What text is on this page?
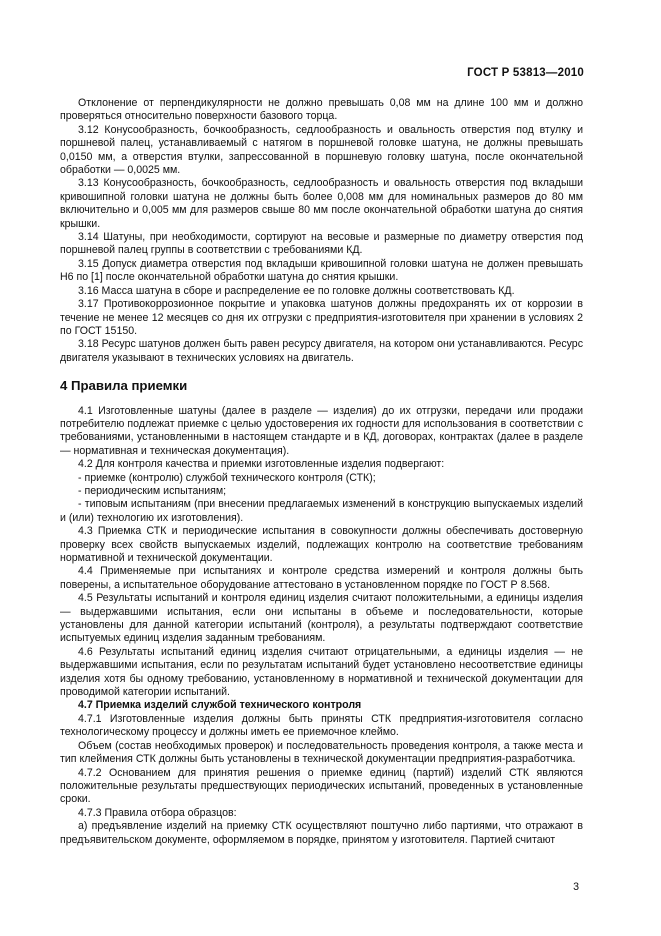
ГОСТ Р 53813—2010

Отклонение от перпендикулярности не должно превышать 0,08 мм на длине 100 мм и должно проверяться относительно поверхности базового торца.

3.12 Конусообразность, бочкообразность, седлообразность и овальность отверстия под втулку и поршневой палец, устанавливаемый с натягом в поршневой головке шатуна, не должны превышать 0,0150 мм, а отверстия втулки, запрессованной в поршневую головку шатуна, после окончательной обработки — 0,0025 мм.

3.13 Конусообразность, бочкообразность, седлообразность и овальность отверстия под вкладыши кривошипной головки шатуна не должны быть более 0,008 мм для номинальных размеров до 80 мм включительно и 0,005 мм для размеров свыше 80 мм после окончательной обработки шатуна до снятия крышки.

3.14 Шатуны, при необходимости, сортируют на весовые и размерные по диаметру отверстия под поршневой палец группы в соответствии с требованиями КД.

3.15 Допуск диаметра отверстия под вкладыши кривошипной головки шатуна не должен превышать Н6 по [1] после окончательной обработки шатуна до снятия крышки.

3.16 Масса шатуна в сборе и распределение ее по головке должны соответствовать КД.

3.17 Противокоррозионное покрытие и упаковка шатунов должны предохранять их от коррозии в течение не менее 12 месяцев со дня их отгрузки с предприятия-изготовителя при хранении в условиях 2 по ГОСТ 15150.

3.18 Ресурс шатунов должен быть равен ресурсу двигателя, на котором они устанавливаются. Ресурс двигателя указывают в технических условиях на двигатель.

4 Правила приемки

4.1 Изготовленные шатуны (далее в разделе — изделия) до их отгрузки, передачи или продажи потребителю подлежат приемке с целью удостоверения их годности для использования в соответствии с требованиями, установленными в настоящем стандарте и в КД, договорах, контрактах (далее в разделе — нормативная и техническая документация).

4.2 Для контроля качества и приемки изготовленные изделия подвергают:

- приемке (контролю) службой технического контроля (СТК);

- периодическим испытаниям;

- типовым испытаниям (при внесении предлагаемых изменений в конструкцию выпускаемых изделий и (или) технологию их изготовления).

4.3 Приемка СТК и периодические испытания в совокупности должны обеспечивать достоверную проверку всех свойств выпускаемых изделий, подлежащих контролю на соответствие требованиям нормативной и технической документации.

4.4 Применяемые при испытаниях и контроле средства измерений и контроля должны быть поверены, а испытательное оборудование аттестовано в установленном порядке по ГОСТ Р 8.568.

4.5 Результаты испытаний и контроля единиц изделия считают положительными, а единицы изделия — выдержавшими испытания, если они испытаны в объеме и последовательности, которые установлены для данной категории испытаний (контроля), а результаты подтверждают соответствие испытуемых единиц изделия заданным требованиям.

4.6 Результаты испытаний единиц изделия считают отрицательными, а единицы изделия — не выдержавшими испытания, если по результатам испытаний будет установлено несоответствие единицы изделия хотя бы одному требованию, установленному в нормативной и технической документации для проводимой категории испытаний.

4.7 Приемка изделий службой технического контроля

4.7.1 Изготовленные изделия должны быть приняты СТК предприятия-изготовителя согласно технологическому процессу и должны иметь ее приемочное клеймо.

Объем (состав необходимых проверок) и последовательность проведения контроля, а также места и тип клеймения СТК должны быть установлены в технической документации предприятия-разработчика.

4.7.2 Основанием для принятия решения о приемке единиц (партий) изделий СТК являются положительные результаты предшествующих периодических испытаний, проведенных в установленные сроки.

4.7.3 Правила отбора образцов:

а) предъявление изделий на приемку СТК осуществляют поштучно либо партиями, что отражают в предъявительском документе, оформляемом в порядке, принятом у изготовителя. Партией считают

3
